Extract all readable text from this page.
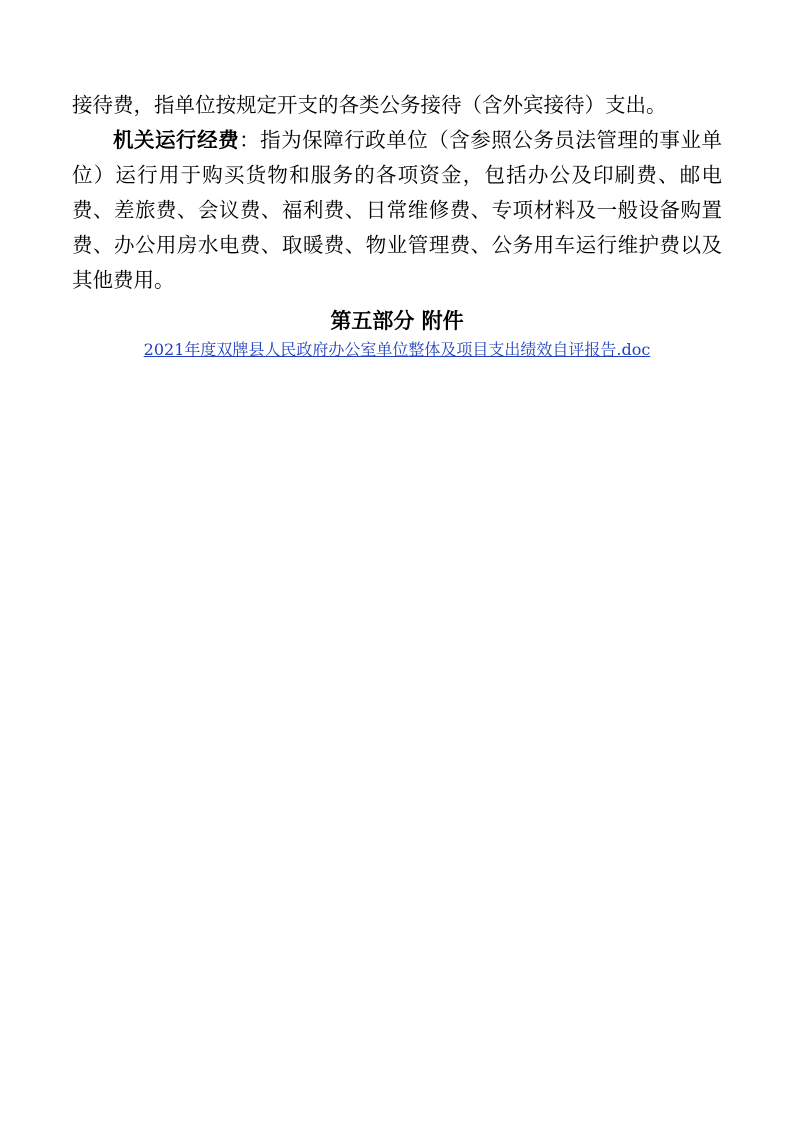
接待费，指单位按规定开支的各类公务接待（含外宾接待）支出。

机关运行经费：指为保障行政单位（含参照公务员法管理的事业单位）运行用于购买货物和服务的各项资金，包括办公及印刷费、邮电费、差旅费、会议费、福利费、日常维修费、专项材料及一般设备购置费、办公用房水电费、取暖费、物业管理费、公务用车运行维护费以及其他费用。

第五部分 附件

2021年度双牌县人民政府办公室单位整体及项目支出绩效自评报告.doc
